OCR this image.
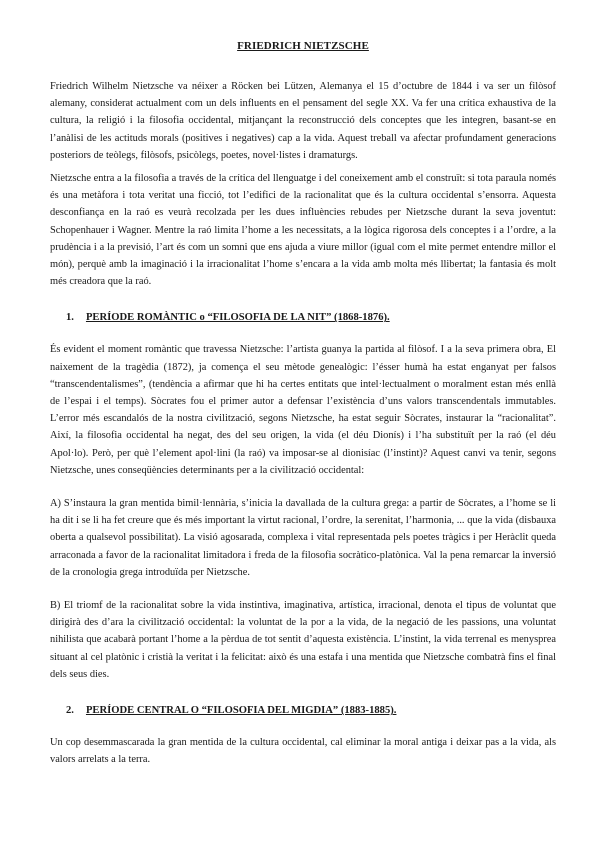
FRIEDRICH NIETZSCHE

Friedrich Wilhelm Nietzsche va néixer a Röcken bei Lützen, Alemanya el 15 d’octubre de 1844 i va ser un filòsof alemany, considerat actualment com un dels influents en el pensament del segle XX. Va fer una crítica exhaustiva de la cultura, la religió i la filosofia occidental, mitjançant la reconstrucció dels conceptes que les integren, basant-se en l’anàlisi de les actituds morals (positives i negatives) cap a la vida. Aquest treball va afectar profundament generacions posteriors de teòlegs, filòsofs, psicòlegs, poetes, novel·listes i dramaturgs.

Nietzsche entra a la filosofia a través de la crítica del llenguatge i del coneixement amb el construït: si tota paraula només és una metàfora i tota veritat una ficció, tot l’edifici de la racionalitat que és la cultura occidental s’ensorra. Aquesta desconfiança en la raó es veurà recolzada per les dues influències rebudes per Nietzsche durant la seva joventut: Schopenhauer i Wagner. Mentre la raó limita l’home a les necessitats, a la lògica rigorosa dels conceptes i a l’ordre, a la prudència i a la previsió, l’art és com un somni que ens ajuda a viure millor (igual com el mite permet entendre millor el món), perquè amb la imaginació i la irracionalitat l’home s’encara a la vida amb molta més llibertat; la fantasia és molt més creadora que la raó.

1. PERÍODE ROMÀNTIC o “FILOSOFIA DE LA NIT” (1868-1876).

És evident el moment romàntic que travessa Nietzsche: l’artista guanya la partida al filòsof. I a la seva primera obra, El naixement de la tragèdia (1872), ja comença el seu mètode genealògic: l’ésser humà ha estat enganyat per falsos “transcendentalismes”, (tendència a afirmar que hi ha certes entitats que intel·lectualment o moralment estan més enllà de l’espai i el temps). Sòcrates fou el primer autor a defensar l’existència d’uns valors transcendentals immutables. L’error més escandalós de la nostra civilització, segons Nietzsche, ha estat seguir Sòcrates, instaurar la “racionalitat”. Així, la filosofia occidental ha negat, des del seu origen, la vida (el déu Dionís) i l’ha substituït per la raó (el déu Apol·lo). Però, per què l’element apol·lini (la raó) va imposar-se al dionisíac (l’instint)? Aquest canvi va tenir, segons Nietzsche, unes conseqüències determinants per a la civilització occidental:

A) S’instaura la gran mentida bimil·lennària, s’inicia la davallada de la cultura grega: a partir de Sòcrates, a l’home se li ha dit i se li ha fet creure que és més important la virtut racional, l’ordre, la serenitat, l’harmonia, ... que la vida (disbauxa oberta a qualsevol possibilitat). La visió agosarada, complexa i vital representada pels poetes tràgics i per Heràclit queda arraconada a favor de la racionalitat limitadora i freda de la filosofia socràtico-platònica. Val la pena remarcar la inversió de la cronologia grega introduïda per Nietzsche.

B) El triomf de la racionalitat sobre la vida instintiva, imaginativa, artística, irracional, denota el tipus de voluntat que dirigirà des d’ara la civilització occidental: la voluntat de la por a la vida, de la negació de les passions, una voluntat nihilista que acabarà portant l’home a la pèrdua de tot sentit d’aquesta existència. L’instint, la vida terrenal es menysprea situant al cel platònic i cristià la veritat i la felicitat: això és una estafa i una mentida que Nietzsche combatrà fins el final dels seus dies.

2. PERÍODE CENTRAL O “FILOSOFIA DEL MIGDIA” (1883-1885).

Un cop desemmascarada la gran mentida de la cultura occidental, cal eliminar la moral antiga i deixar pas a la vida, als valors arrelats a la terra.
